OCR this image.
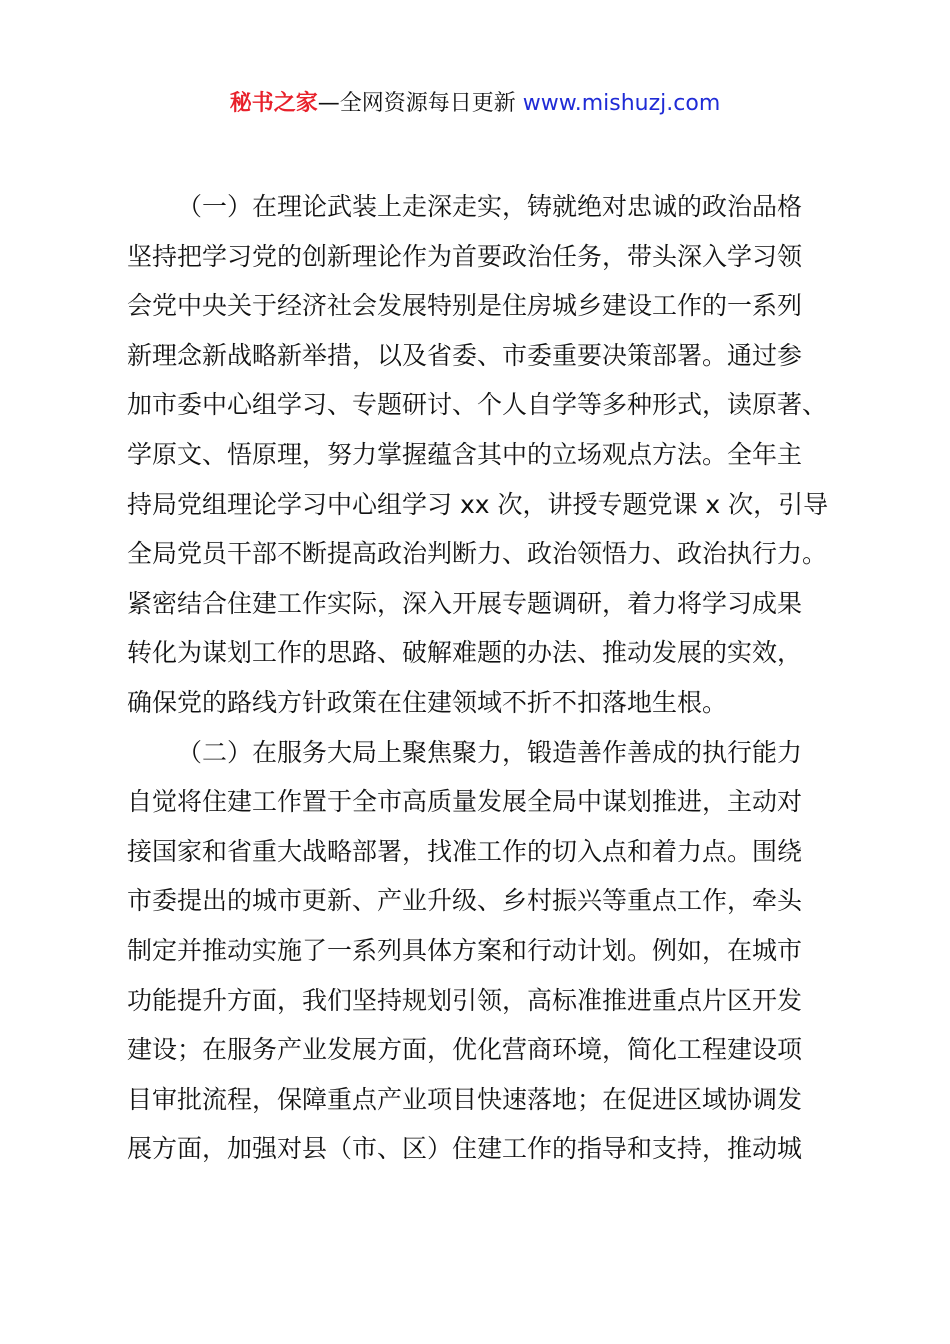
秘书之家—全网资源每日更新 www.mishuzj.com
（一）在理论武装上走深走实，铸就绝对忠诚的政治品格
坚持把学习党的创新理论作为首要政治任务，带头深入学习领
会党中央关于经济社会发展特别是住房城乡建设工作的一系列
新理念新战略新举措，以及省委、市委重要决策部署。通过参
加市委中心组学习、专题研讨、个人自学等多种形式，读原著、
学原文、悟原理，努力掌握蕴含其中的立场观点方法。全年主
持局党组理论学习中心组学习 xx 次，讲授专题党课 x 次，引导
全局党员干部不断提高政治判断力、政治领悟力、政治执行力。
紧密结合住建工作实际，深入开展专题调研，着力将学习成果
转化为谋划工作的思路、破解难题的办法、推动发展的实效，
确保党的路线方针政策在住建领域不折不扣落地生根。
（二）在服务大局上聚焦聚力，锻造善作善成的执行能力
自觉将住建工作置于全市高质量发展全局中谋划推进，主动对
接国家和省重大战略部署，找准工作的切入点和着力点。围绕
市委提出的城市更新、产业升级、乡村振兴等重点工作，牵头
制定并推动实施了一系列具体方案和行动计划。例如，在城市
功能提升方面，我们坚持规划引领，高标准推进重点片区开发
建设；在服务产业发展方面，优化营商环境，简化工程建设项
目审批流程，保障重点产业项目快速落地；在促进区域协调发
展方面，加强对县（市、区）住建工作的指导和支持，推动城
